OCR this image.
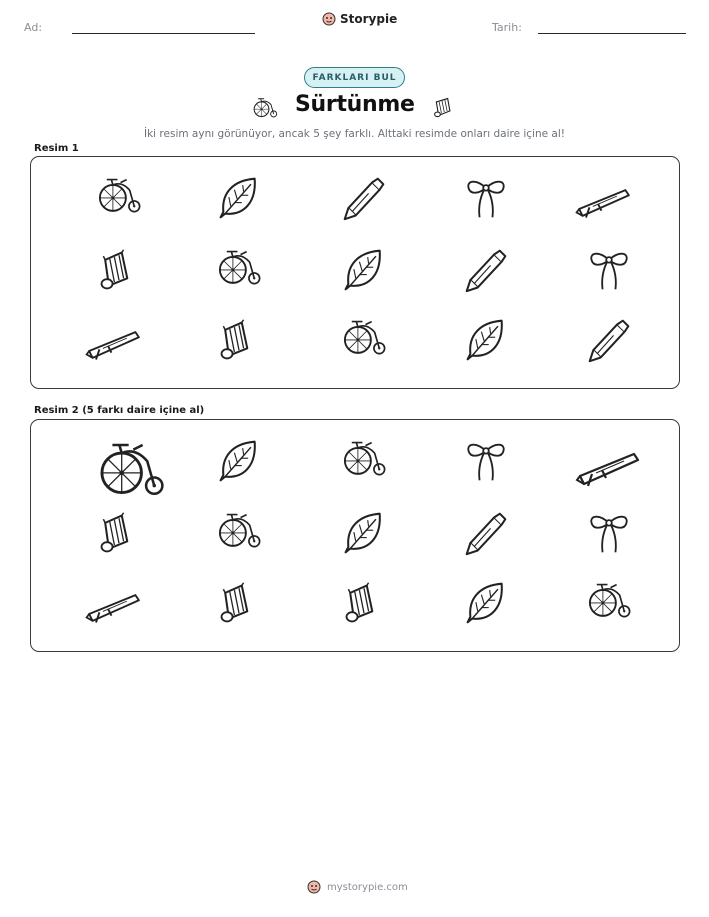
Ad:
Storypie
Tarih:
FARKLARI BUL
Sürtünme
İki resim aynı görünüyor, ancak 5 şey farklı. Alttaki resimde onları daire içine al!
Resim 1
Resim 2 (5 farkı daire içine al)
mystorypie.com
